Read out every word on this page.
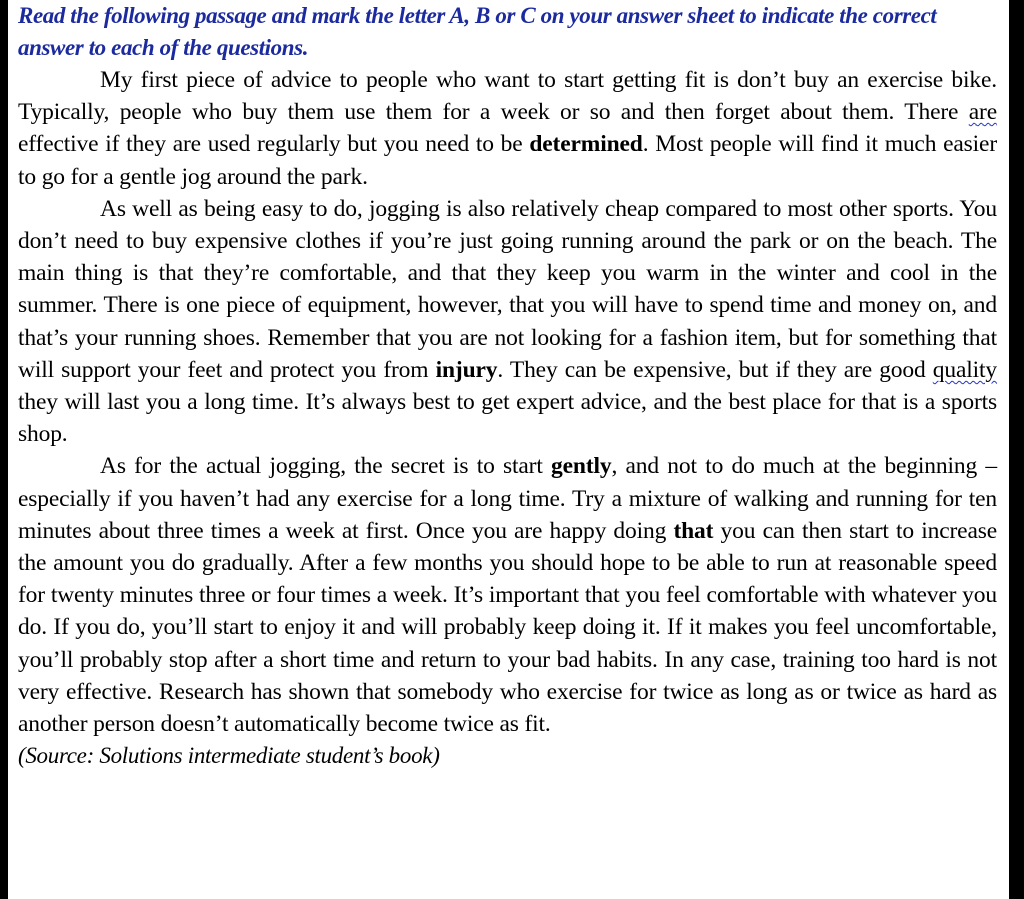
Read the following passage and mark the letter A, B or C on your answer sheet to indicate the correct answer to each of the questions.

My first piece of advice to people who want to start getting fit is don’t buy an exercise bike. Typically, people who buy them use them for a week or so and then forget about them. There are effective if they are used regularly but you need to be determined. Most people will find it much easier to go for a gentle jog around the park.

As well as being easy to do, jogging is also relatively cheap compared to most other sports. You don’t need to buy expensive clothes if you’re just going running around the park or on the beach. The main thing is that they’re comfortable, and that they keep you warm in the winter and cool in the summer. There is one piece of equipment, however, that you will have to spend time and money on, and that’s your running shoes. Remember that you are not looking for a fashion item, but for something that will support your feet and protect you from injury. They can be expensive, but if they are good quality they will last you a long time. It’s always best to get expert advice, and the best place for that is a sports shop.

As for the actual jogging, the secret is to start gently, and not to do much at the beginning – especially if you haven’t had any exercise for a long time. Try a mixture of walking and running for ten minutes about three times a week at first. Once you are happy doing that you can then start to increase the amount you do gradually. After a few months you should hope to be able to run at reasonable speed for twenty minutes three or four times a week. It’s important that you feel comfortable with whatever you do. If you do, you’ll start to enjoy it and will probably keep doing it. If it makes you feel uncomfortable, you’ll probably stop after a short time and return to your bad habits. In any case, training too hard is not very effective. Research has shown that somebody who exercise for twice as long as or twice as hard as another person doesn’t automatically become twice as fit.

(Source: Solutions intermediate student’s book)
